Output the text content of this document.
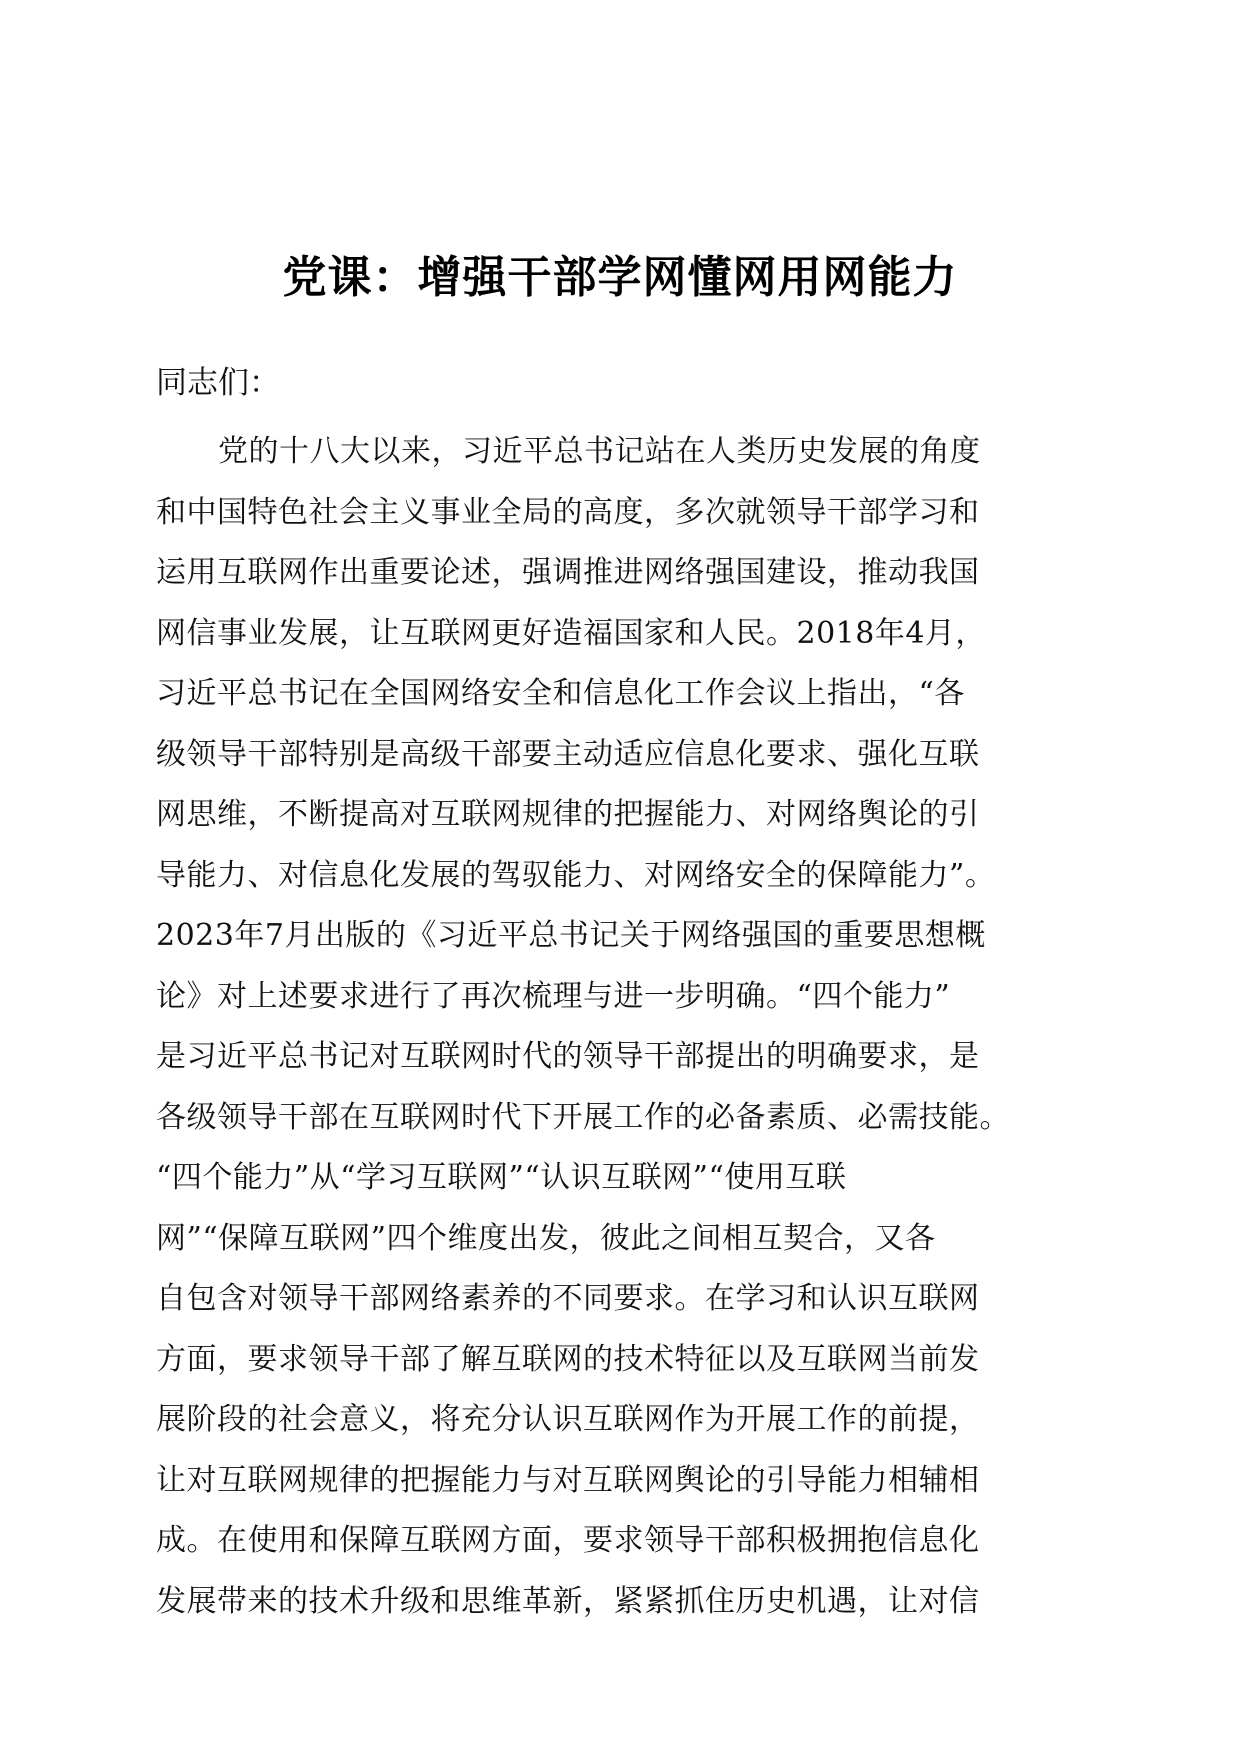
党课：增强干部学网懂网用网能力

同志们：

党的十八大以来，习近平总书记站在人类历史发展的角度
和中国特色社会主义事业全局的高度，多次就领导干部学习和
运用互联网作出重要论述，强调推进网络强国建设，推动我国
网信事业发展，让互联网更好造福国家和人民。2018年4月，
习近平总书记在全国网络安全和信息化工作会议上指出，“各
级领导干部特别是高级干部要主动适应信息化要求、强化互联
网思维，不断提高对互联网规律的把握能力、对网络舆论的引
导能力、对信息化发展的驾驭能力、对网络安全的保障能力”。
2023年7月出版的《习近平总书记关于网络强国的重要思想概
论》对上述要求进行了再次梳理与进一步明确。“四个能力”
是习近平总书记对互联网时代的领导干部提出的明确要求，是
各级领导干部在互联网时代下开展工作的必备素质、必需技能。
“四个能力”从“学习互联网”“认识互联网”“使用互联
网”“保障互联网”四个维度出发，彼此之间相互契合，又各
自包含对领导干部网络素养的不同要求。在学习和认识互联网
方面，要求领导干部了解互联网的技术特征以及互联网当前发
展阶段的社会意义，将充分认识互联网作为开展工作的前提，
让对互联网规律的把握能力与对互联网舆论的引导能力相辅相
成。在使用和保障互联网方面，要求领导干部积极拥抱信息化
发展带来的技术升级和思维革新，紧紧抓住历史机遇，让对信
